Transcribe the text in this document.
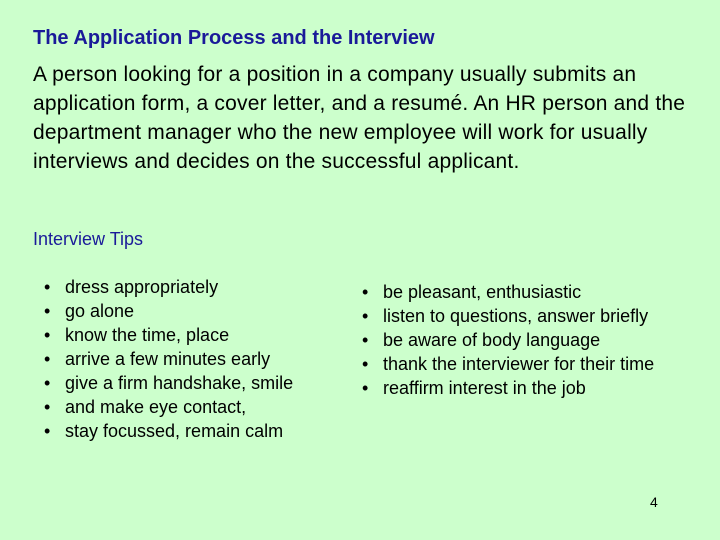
The Application Process and the Interview
A person looking for a position in a company usually submits an application form, a cover letter, and a resumé. An HR person and the department manager who the new employee will work for usually interviews and decides on the successful applicant.
Interview Tips
• dress appropriately
• go alone
• know the time, place
• arrive a few minutes early
• give a firm handshake, smile
• and make eye contact,
• stay focussed, remain calm
• be pleasant, enthusiastic
• listen to questions, answer briefly
• be aware of body language
• thank the interviewer for their time
• reaffirm interest in the job
4
